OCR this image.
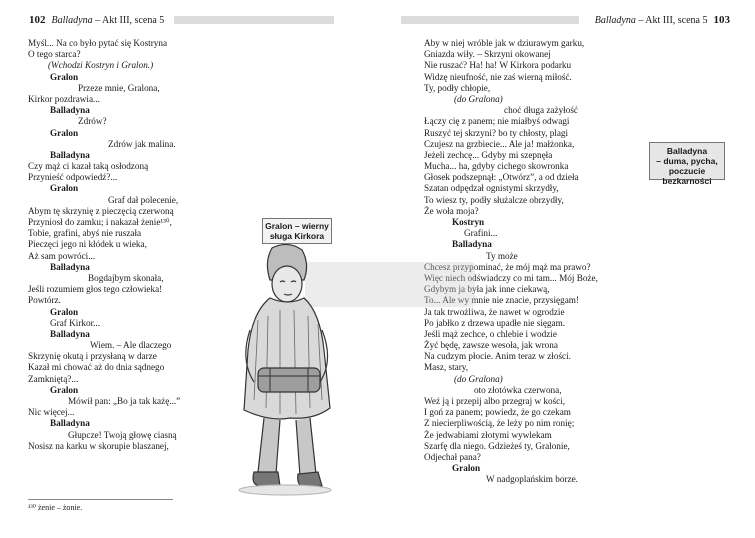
102 Balladyna – Akt III, scena 5	Balladyna – Akt III, scena 5 103
Myśl... Na co było pytać się Kostryna
O tego starca?
(Wchodzi Kostryn i Gralon.)
Gralon
Przeze mnie, Gralona,
Kirkor pozdrawia...
Balladyna
Zdrów?
Gralon
Zdrów jak malina.
Balladyna
Czy mąż ci kazał taką osłodzoną
Przynieść odpowiedź?...
Gralon
Graf dał polecenie,
Abym tę skrzynię z pieczęcią czerwoną
Przyniosł do zamku; i nakazał żenie¹³⁰,
Tobie, grafini, abyś nie ruszała
Pieczęci jego ni kłódek u wieka,
Aż sam powróci...
Balladyna
Bogdajbym skonała,
Jeśli rozumiem głos tego człowieka!
Powtórz.
Gralon
Graf Kirkor...
Balladyna
Wiem. – Ale dlaczego
Skrzynię okutą i przysłaną w darze
Kazał mi chować aż do dnia sądnego
Zamkniętą?...
Gralon
Mówił pan: „Bo ja tak każę...”
Nic więcej...
Balladyna
Głupcze! Twoją głowę ciasną
Nosisz na karku w skorupie blaszanej,
Aby w niej wróble jak w dziurawym garku,
Gniazda wiły. – Skrzyni okowanej
Nie ruszać? Ha! ha! W Kirkora podarku
Widzę nieufność, nie zaś wierną miłość.
Ty, podły chłopie,
(do Gralona)
choć długa zażyłość
Łączy cię z panem; nie miałbyś odwagi
Ruszyć tej skrzyni? bo ty chłosty, plagi
Czujesz na grzbiecie... Ale ja! małżonka,
Jeżeli zechcę... Gdyby mi szepnęła
Mucha... ha, gdyby cichego skowronka
Głosek podszepnął: „Otwórz”, a od dzieła
Szatan odpędzał ognistymi skrzydły,
To wiesz ty, podły służalcze obrzydły,
Że woła moja?
Kostryn
Grafini...
Balladyna
Ty może
Chcesz przypominać, że mój mąż ma prawo?
Więc niech odświadczy co mi tam... Mój Boże,
Gdybym ja była jak inne ciekawą,
To... Ale wy mnie nie znacie, przysięgam!
Ja tak trwożliwa, że nawet w ogrodzie
Po jabłko z drzewa upadłe nie sięgam.
Jeśli mąż zechce, o chlebie i wodzie
Żyć będę, zawsze wesoła, jak wrona
Na cudzym płocie. Anim teraz w złości.
Masz, stary,
(do Gralona)
oto złotówka czerwona,
Weź ją i przepij albo przegraj w kości,
I goń za panem; powiedz, że go czekam
Z niecierpliwością, że leży po nim ronię;
Że jedwabiami złotymi wywlekam
Szarfę dla niego. Gdzieżeś ty, Gralonie,
Odjechał pana?
Gralon
W nadgoplańskim borze.
Gralon – wierny
sługa Kirkora
Balladyna
– duma, pycha,
poczucie
bezkarności
¹³⁰ żenie – żonie.
